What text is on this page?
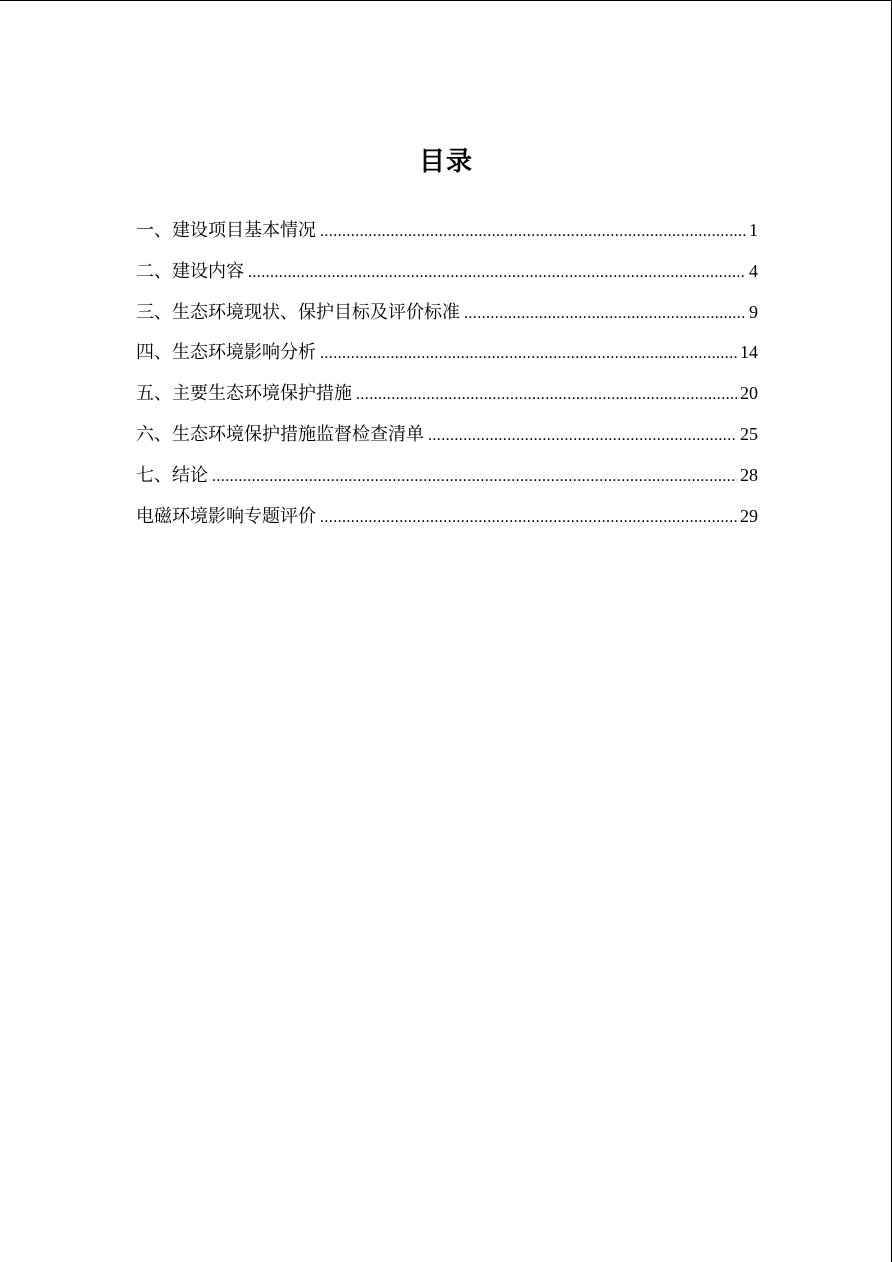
目录
一、建设项目基本情况 .....	1
二、建设内容 .....	4
三、生态环境现状、保护目标及评价标准 .....	9
四、生态环境影响分析 .....	14
五、主要生态环境保护措施 .....	20
六、生态环境保护措施监督检查清单 .....	25
七、结论 .....	28
电磁环境影响专题评价 .....	29
